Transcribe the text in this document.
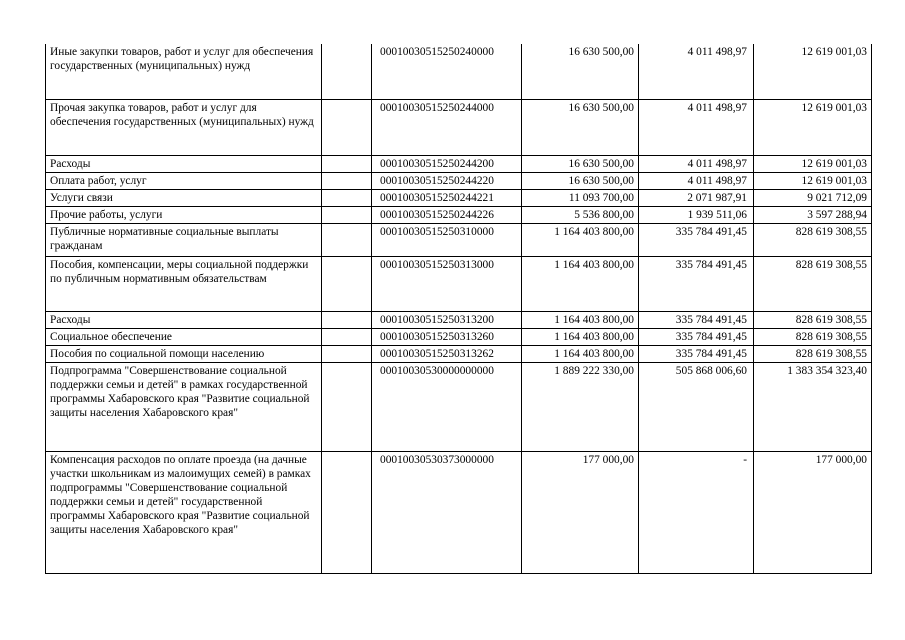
Иные закупки товаров, работ и услуг для обеспечения государственных (муниципальных) нужд		00010030515250240000	16 630 500,00	4 011 498,97	12 619 001,03
Прочая закупка товаров, работ и услуг для обеспечения государственных (муниципальных) нужд		00010030515250244000	16 630 500,00	4 011 498,97	12 619 001,03
Расходы		00010030515250244200	16 630 500,00	4 011 498,97	12 619 001,03
Оплата работ, услуг		00010030515250244220	16 630 500,00	4 011 498,97	12 619 001,03
Услуги связи		00010030515250244221	11 093 700,00	2 071 987,91	9 021 712,09
Прочие работы, услуги		00010030515250244226	5 536 800,00	1 939 511,06	3 597 288,94
Публичные нормативные социальные выплаты гражданам		00010030515250310000	1 164 403 800,00	335 784 491,45	828 619 308,55
Пособия, компенсации, меры социальной поддержки по публичным нормативным обязательствам		00010030515250313000	1 164 403 800,00	335 784 491,45	828 619 308,55
Расходы		00010030515250313200	1 164 403 800,00	335 784 491,45	828 619 308,55
Социальное обеспечение		00010030515250313260	1 164 403 800,00	335 784 491,45	828 619 308,55
Пособия по социальной помощи населению		00010030515250313262	1 164 403 800,00	335 784 491,45	828 619 308,55
Подпрограмма "Совершенствование социальной поддержки семьи и детей" в рамках государственной программы Хабаровского края "Развитие социальной защиты населения Хабаровского края"		00010030530000000000	1 889 222 330,00	505 868 006,60	1 383 354 323,40
Компенсация расходов по оплате проезда (на дачные участки школьникам из малоимущих семей) в рамках подпрограммы "Совершенствование социальной поддержки семьи и детей" государственной программы Хабаровского края "Развитие социальной защиты населения Хабаровского края"		00010030530373000000	177 000,00	-	177 000,00
